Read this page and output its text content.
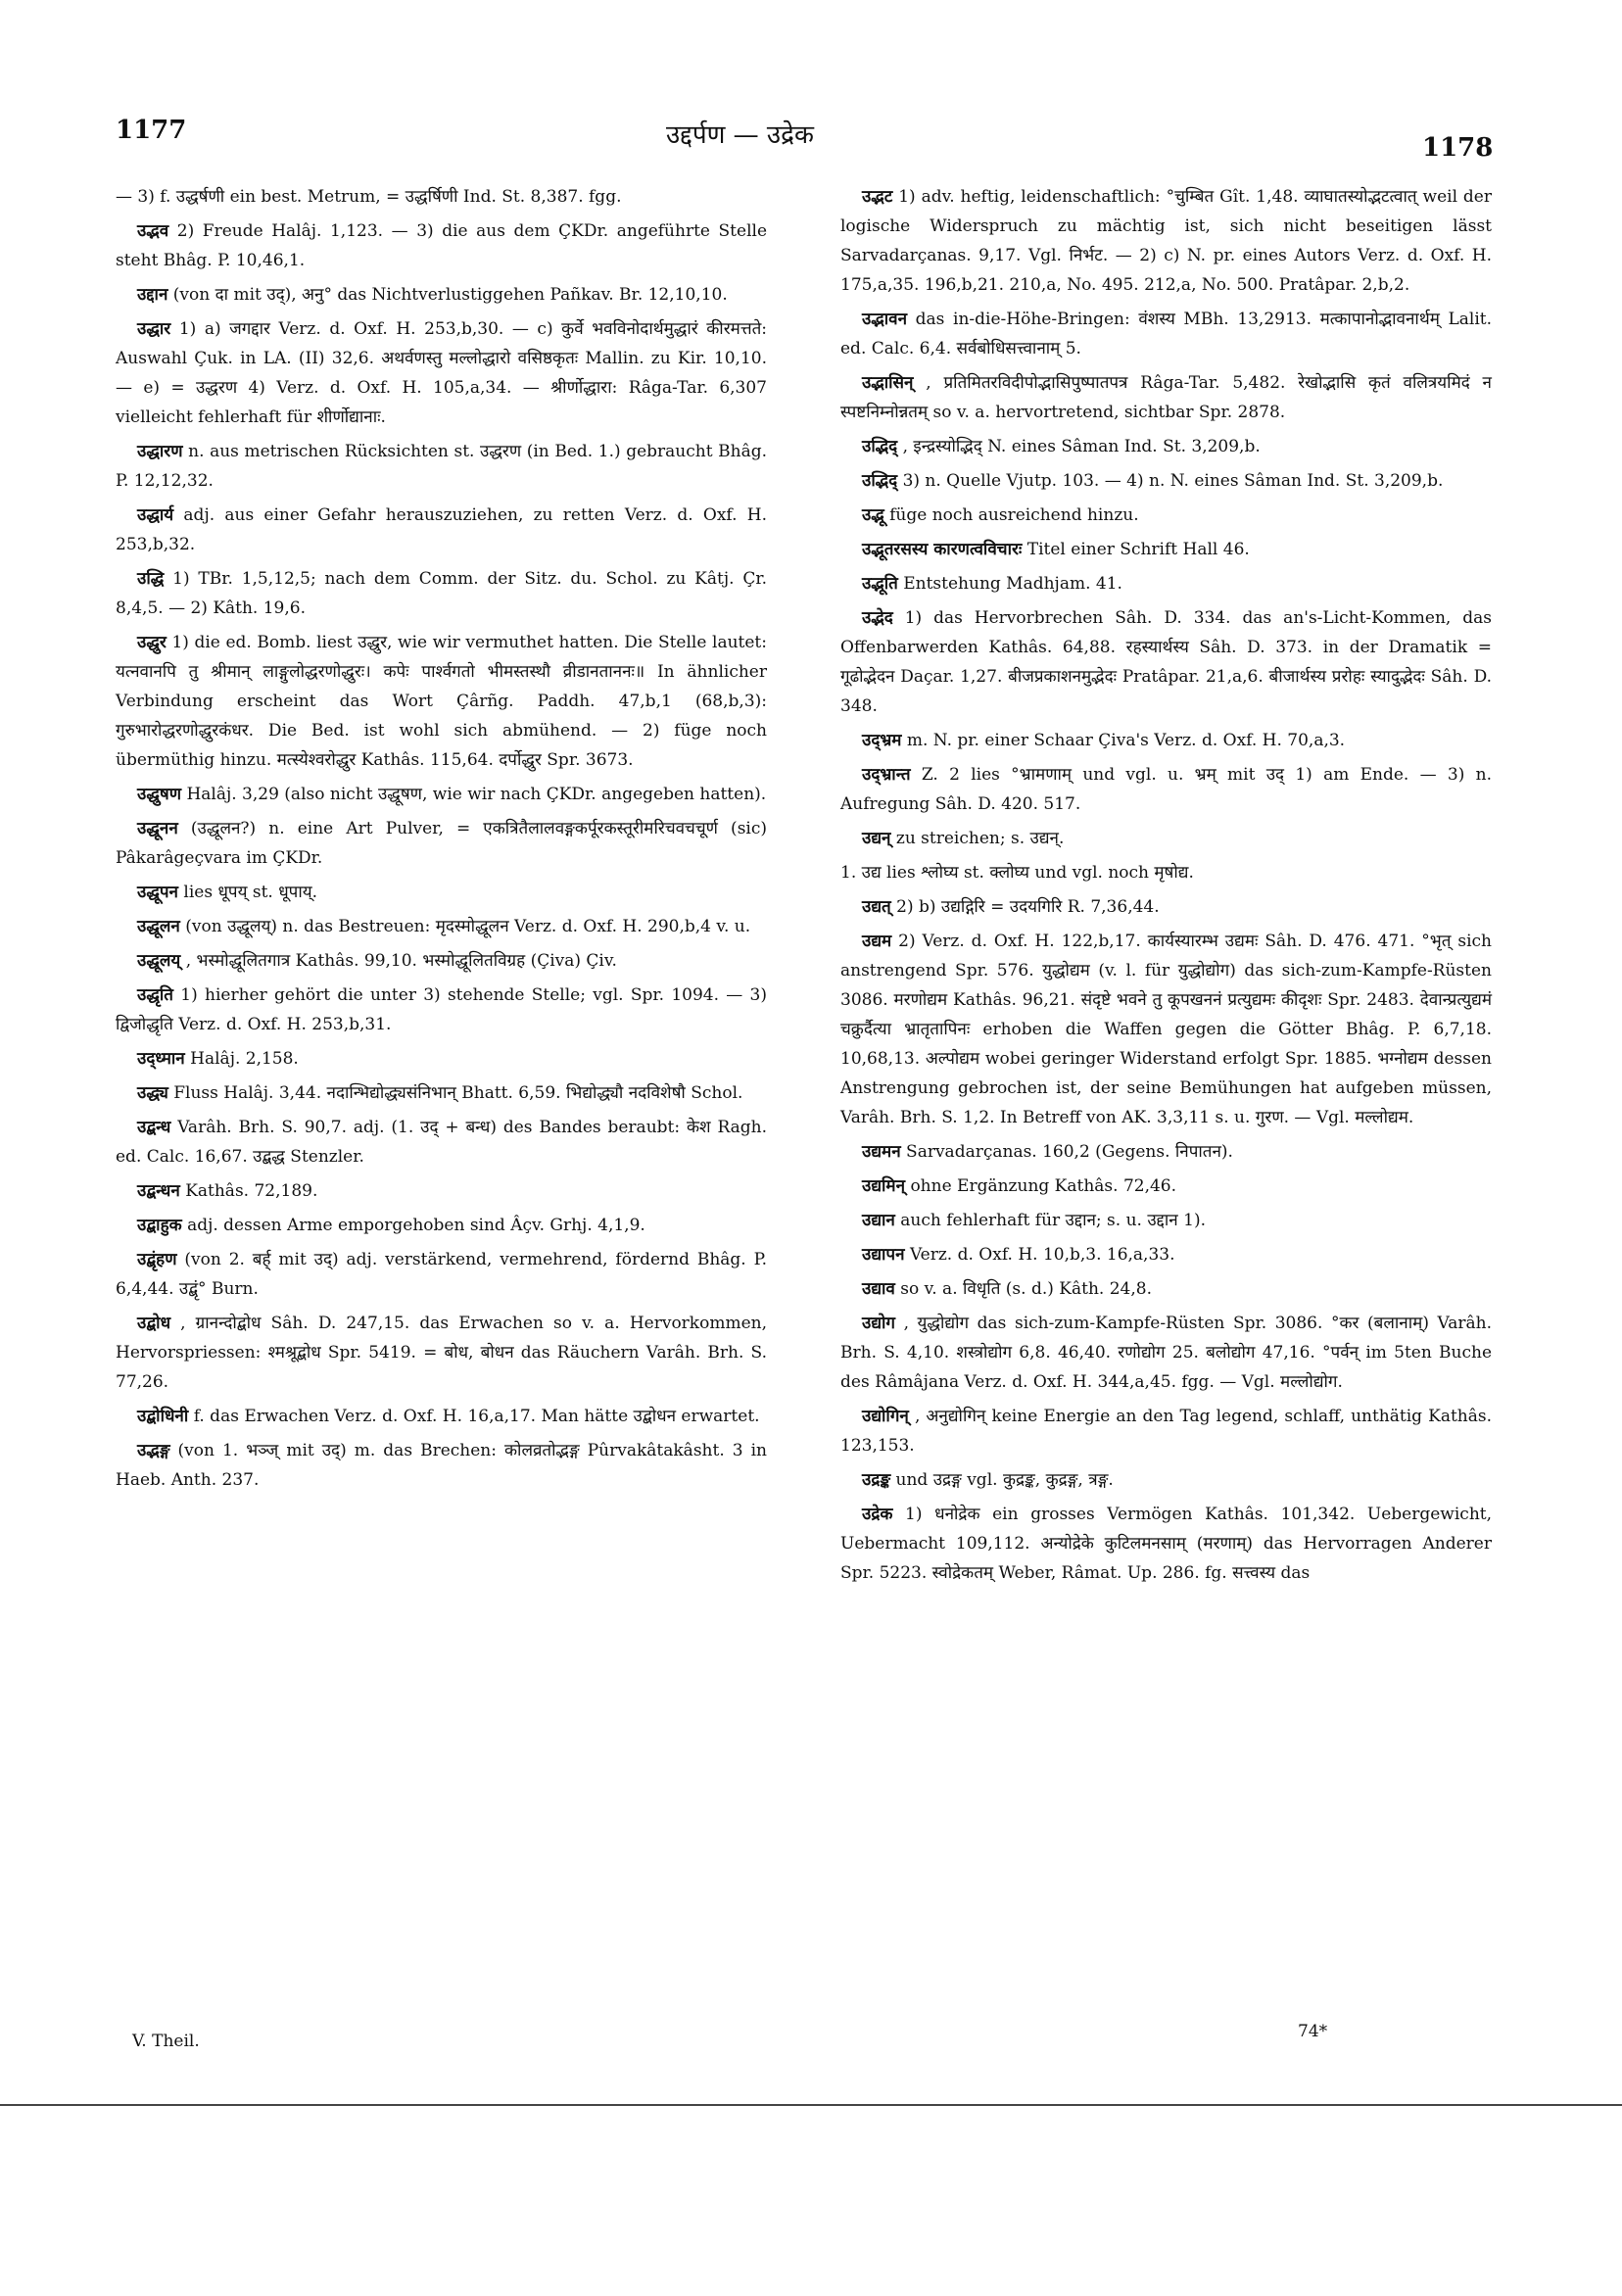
1177	उद्दर्पण — उद्रेक	1178

— 3) f. उद्धर्षणी ein best. Metrum, = उद्धर्षिणी Ind. St. 8,387. fgg.

उद्भव 2) Freude Halâj. 1,123. — 3) die aus dem ÇKDr. angeführte Stelle steht Bhâg. P. 10,46,1.

उद्दान (von दा mit उद्), अनु° das Nichtverlustiggehen Pañkav. Br. 12,10,10.

उद्धार 1) a) जगद्दार Verz. d. Oxf. H. 253,b,30. — c) कुर्वे भवविनोदार्थमुद्धारं कीरमत्तते: Auswahl Çuk. in LA. (II) 32,6. अथर्वणस्तु मल्लोद्धारो वसिष्ठकृतः Mallin. zu Kir. 10,10. — e) = उद्धरण 4) Verz. d. Oxf. H. 105,a,34. — श्रीर्णोद्धारा: Râga-Tar. 6,307 vielleicht fehlerhaft für शीर्णोद्यानाः.

उद्धारण n. aus metrischen Rücksichten st. उद्धरण (in Bed. 1.) gebraucht Bhâg. P. 12,12,32.

उद्धार्य adj. aus einer Gefahr herauszuziehen, zu retten Verz. d. Oxf. H. 253,b,32.

उद्धि 1) TBr. 1,5,12,5; nach dem Comm. der Sitz. du. Schol. zu Kâtj. Çr. 8,4,5. — 2) Kâth. 19,6.

उद्धुर 1) die ed. Bomb. liest उद्धुर, wie wir vermuthet hatten. Die Stelle lautet: यत्नवानपि तु श्रीमान् लाङ्गुलोद्धरणोद्धुरः। कपेः पार्श्वगतो भीमस्तस्थौ व्रीडानताननः॥ In ähnlicher Verbindung erscheint das Wort Çârñg. Paddh. 47,b,1 (68,b,3): गुरुभारोद्धरणोद्धुरकंधर. Die Bed. ist wohl sich abmühend. — 2) füge noch übermüthig hinzu. मत्स्येश्वरोद्धुर Kathâs. 115,64. दर्पोद्धुर Spr. 3673.

उद्धुषण Halâj. 3,29 (also nicht उद्धूषण, wie wir nach ÇKDr. angegeben hatten).

उद्धूनन (उद्धूलन?) n. eine Art Pulver, = एकत्रितैलालवङ्गकर्पूरकस्तूरीमरिचवचचूर्ण (sic) Pâkarâgeçvara im ÇKDr.

उद्धूपन lies धूपय् st. धूपाय्.

उद्धूलन (von उद्धूलय्) n. das Bestreuen: मृदस्मोद्धूलन Verz. d. Oxf. H. 290,b,4 v. u.

उद्धूलय् , भस्मोद्धूलितगात्र Kathâs. 99,10. भस्मोद्धूलितविग्रह (Çiva) Çiv.

उद्धृति 1) hierher gehört die unter 3) stehende Stelle; vgl. Spr. 1094. — 3) द्विजोद्धृति Verz. d. Oxf. H. 253,b,31.

उद्ध्मान Halâj. 2,158.

उद्ध्य Fluss Halâj. 3,44. नदान्भिद्योद्ध्यसंनिभान् Bhatt. 6,59. भिद्योद्ध्यौ नदविशेषौ Schol.

उद्बन्ध Varâh. Brh. S. 90,7. adj. (1. उद् + बन्ध) des Bandes beraubt: केश Ragh. ed. Calc. 16,67. उद्बद्ध Stenzler.

उद्बन्धन Kathâs. 72,189.

उद्बाहुक adj. dessen Arme emporgehoben sind Âçv. Grhj. 4,1,9.

उद्बृंहण (von 2. बर्ह् mit उद्) adj. verstärkend, vermehrend, fördernd Bhâg. P. 6,4,44. उद्बृं° Burn.

उद्बोध , ग्रानन्दोद्बोध Sâh. D. 247,15. das Erwachen so v. a. Hervorkommen, Hervorspriessen: श्मश्रूद्बोध Spr. 5419. = बोध, बोधन das Räuchern Varâh. Brh. S. 77,26.

उद्बोधिनी f. das Erwachen Verz. d. Oxf. H. 16,a,17. Man hätte उद्बोधन erwartet.

उद्भङ्ग (von 1. भञ्ज् mit उद्) m. das Brechen: कोलव्रतोद्भङ्ग Pûrvakâtakâsht. 3 in Haeb. Anth. 237.

उद्भट 1) adv. heftig, leidenschaftlich: °चुम्बित Gît. 1,48. व्याघातस्योद्भटत्वात् weil der logische Widerspruch zu mächtig ist, sich nicht beseitigen lässt Sarvadarçanas. 9,17. Vgl. निर्भट. — 2) c) N. pr. eines Autors Verz. d. Oxf. H. 175,a,35. 196,b,21. 210,a, No. 495. 212,a, No. 500. Pratâpar. 2,b,2.

उद्भावन das in-die-Höhe-Bringen: वंशस्य MBh. 13,2913. मत्कापानोद्भावनार्थम् Lalit. ed. Calc. 6,4. सर्वबोधिसत्त्वानाम् 5.

उद्भासिन् , प्रतिमितरविदीपोद्भासिपुष्पातपत्र Râga-Tar. 5,482. रेखोद्भासि कृतं वलित्रयमिदं न स्पष्टनिम्नोन्नतम् so v. a. hervortretend, sichtbar Spr. 2878.

उद्भिद् , इन्द्रस्योद्भिद् N. eines Sâman Ind. St. 3,209,b.

उद्भिद् 3) n. Quelle Vjutp. 103. — 4) n. N. eines Sâman Ind. St. 3,209,b.

उद्भू füge noch ausreichend hinzu.

उद्भूतरसस्य कारणत्वविचारः Titel einer Schrift Hall 46.

उद्भूति Entstehung Madhjam. 41.

उद्भेद 1) das Hervorbrechen Sâh. D. 334. das an's-Licht-Kommen, das Offenbarwerden Kathâs. 64,88. रहस्यार्थस्य Sâh. D. 373. in der Dramatik = गूढोद्भेदन Daçar. 1,27. बीजप्रकाशनमुद्भेदः Pratâpar. 21,a,6. बीजार्थस्य प्ररोहः स्यादुद्भेदः Sâh. D. 348.

उद्भ्रम m. N. pr. einer Schaar Çiva's Verz. d. Oxf. H. 70,a,3.

उद्भ्रान्त Z. 2 lies °भ्रामणाम् und vgl. u. भ्रम् mit उद् 1) am Ende. — 3) n. Aufregung Sâh. D. 420. 517.

उद्यन् zu streichen; s. उद्यन्.

1. उद्य lies श्लोघ्य st. क्लोघ्य und vgl. noch मृषोद्य.

उद्यत् 2) b) उद्यद्गिरि = उदयगिरि R. 7,36,44.

उद्यम 2) Verz. d. Oxf. H. 122,b,17. कार्यस्यारम्भ उद्यमः Sâh. D. 476. 471. °भृत् sich anstrengend Spr. 576. युद्धोद्यम (v. l. für युद्धोद्योग) das sich-zum-Kampfe-Rüsten 3086. मरणोद्यम Kathâs. 96,21. संदृष्टे भवने तु कूपखननं प्रत्युद्यमः कीदृशः Spr. 2483. देवान्प्रत्युद्यमं चक्रुर्दैत्या भ्रातृतापिनः erhoben die Waffen gegen die Götter Bhâg. P. 6,7,18. 10,68,13. अल्पोद्यम wobei geringer Widerstand erfolgt Spr. 1885. भग्नोद्यम dessen Anstrengung gebrochen ist, der seine Bemühungen hat aufgeben müssen, Varâh. Brh. S. 1,2. In Betreff von AK. 3,3,11 s. u. गुरण. — Vgl. मल्लोद्यम.

उद्यमन Sarvadarçanas. 160,2 (Gegens. निपातन).

उद्यमिन् ohne Ergänzung Kathâs. 72,46.

उद्यान auch fehlerhaft für उद्दान; s. u. उद्दान 1).

उद्यापन Verz. d. Oxf. H. 10,b,3. 16,a,33.

उद्याव so v. a. विधृति (s. d.) Kâth. 24,8.

उद्योग , युद्धोद्योग das sich-zum-Kampfe-Rüsten Spr. 3086. °कर (बलानाम्) Varâh. Brh. S. 4,10. शस्त्रोद्योग 6,8. 46,40. रणोद्योग 25. बलोद्योग 47,16. °पर्वन् im 5ten Buche des Râmâjana Verz. d. Oxf. H. 344,a,45. fgg. — Vgl. मल्लोद्योग.

उद्योगिन् , अनुद्योगिन् keine Energie an den Tag legend, schlaff, unthätig Kathâs. 123,153.

उद्रङ्क und उद्रङ्ग vgl. कुद्रङ्क, कुद्रङ्ग, त्रङ्ग.

उद्रेक 1) धनोद्रेक ein grosses Vermögen Kathâs. 101,342. Uebergewicht, Uebermacht 109,112. अन्योद्रेके कुटिलमनसाम् (मरणाम्) das Hervorragen Anderer Spr. 5223. स्वोद्रेकतम् Weber, Râmat. Up. 286. fg. सत्त्वस्य das

V. Theil.	74*
